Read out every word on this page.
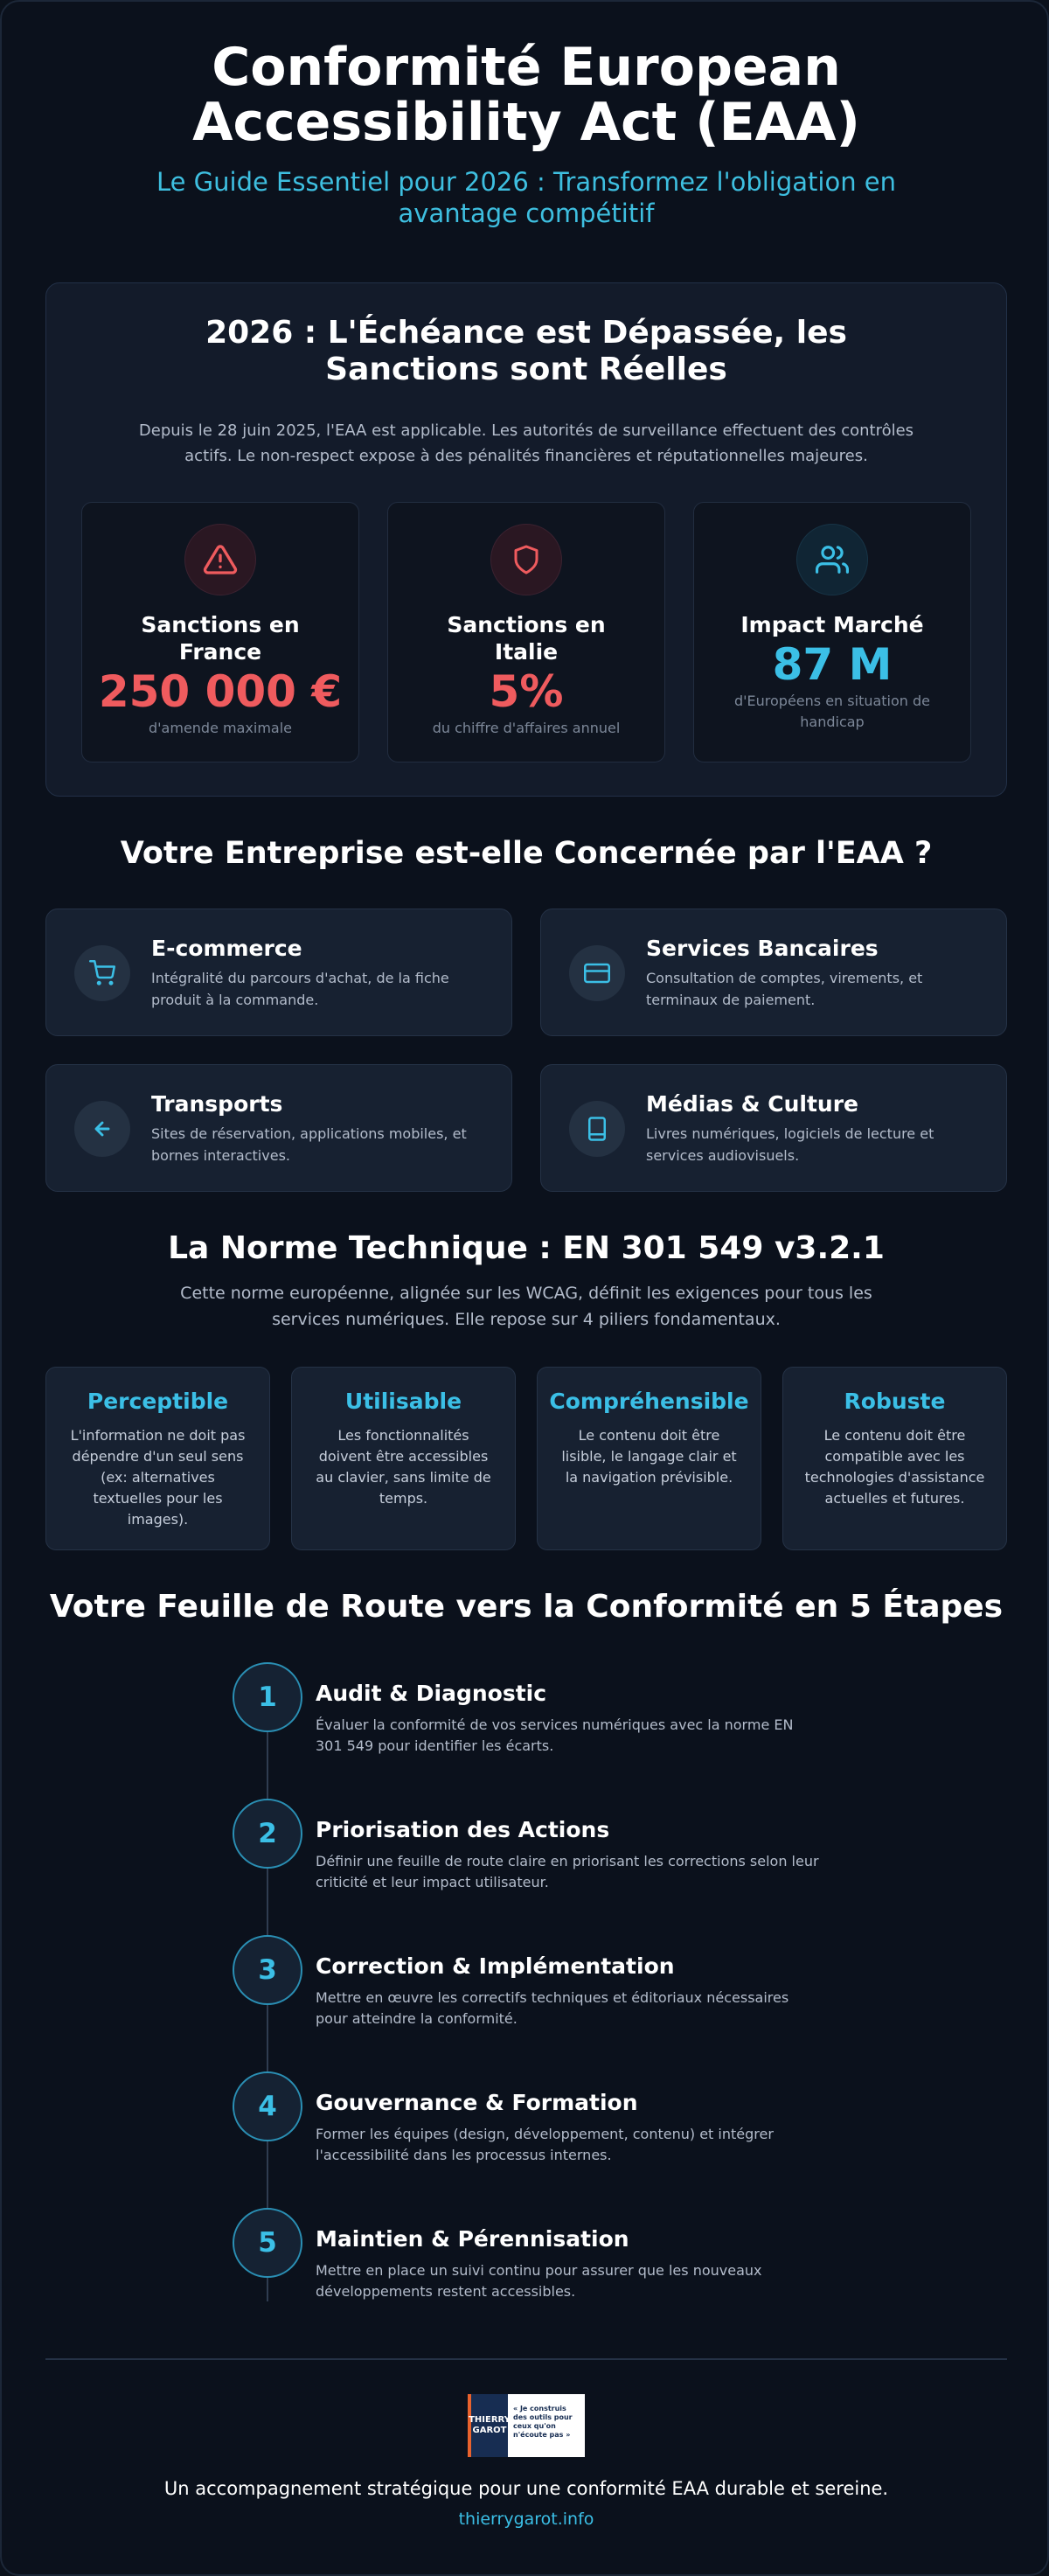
Conformité European Accessibility Act (EAA)
Le Guide Essentiel pour 2026 : Transformez l'obligation en avantage compétitif
2026 : L'Échéance est Dépassée, les Sanctions sont Réelles
Depuis le 28 juin 2025, l'EAA est applicable. Les autorités de surveillance effectuent des contrôles actifs. Le non-respect expose à des pénalités financières et réputationnelles majeures.
Sanctions en France
250 000 €
d'amende maximale
Sanctions en Italie
5%
du chiffre d'affaires annuel
Impact Marché
87 M
d'Européens en situation de handicap
Votre Entreprise est-elle Concernée par l'EAA ?
E-commerce
Intégralité du parcours d'achat, de la fiche produit à la commande.
Services Bancaires
Consultation de comptes, virements, et terminaux de paiement.
Transports
Sites de réservation, applications mobiles, et bornes interactives.
Médias & Culture
Livres numériques, logiciels de lecture et services audiovisuels.
La Norme Technique : EN 301 549 v3.2.1
Cette norme européenne, alignée sur les WCAG, définit les exigences pour tous les services numériques. Elle repose sur 4 piliers fondamentaux.
Perceptible
L'information ne doit pas dépendre d'un seul sens (ex: alternatives textuelles pour les images).
Utilisable
Les fonctionnalités doivent être accessibles au clavier, sans limite de temps.
Compréhensible
Le contenu doit être lisible, le langage clair et la navigation prévisible.
Robuste
Le contenu doit être compatible avec les technologies d'assistance actuelles et futures.
Votre Feuille de Route vers la Conformité en 5 Étapes
1	Audit & Diagnostic
Évaluer la conformité de vos services numériques avec la norme EN 301 549 pour identifier les écarts.
2	Priorisation des Actions
Définir une feuille de route claire en priorisant les corrections selon leur criticité et leur impact utilisateur.
3	Correction & Implémentation
Mettre en œuvre les correctifs techniques et éditoriaux nécessaires pour atteindre la conformité.
4	Gouvernance & Formation
Former les équipes (design, développement, contenu) et intégrer l'accessibilité dans les processus internes.
5	Maintien & Pérennisation
Mettre en place un suivi continu pour assurer que les nouveaux développements restent accessibles.
THIERRY
GAROT
« Je construis des outils pour ceux qu'on n'écoute pas »
Un accompagnement stratégique pour une conformité EAA durable et sereine.
thierrygarot.info
